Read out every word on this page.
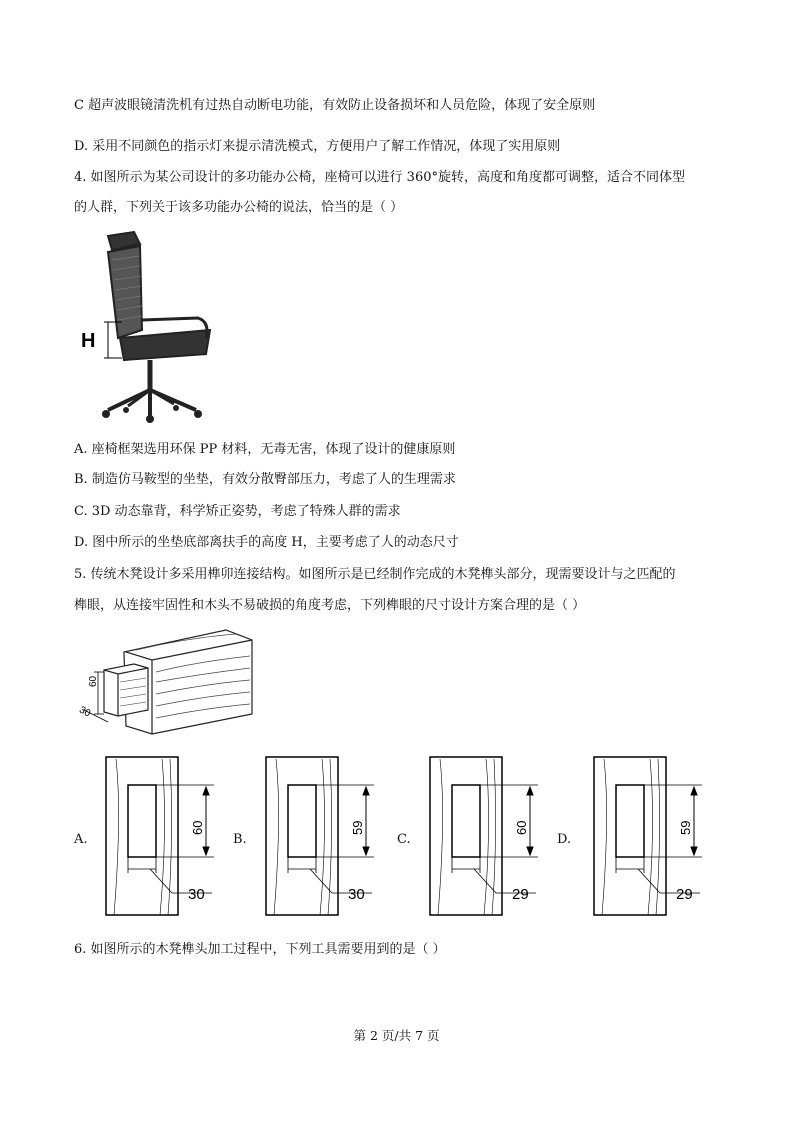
C 超声波眼镜清洗机有过热自动断电功能，有效防止设备损坏和人员危险，体现了安全原则
D. 采用不同颜色的指示灯来提示清洗模式，方便用户了解工作情况，体现了实用原则
4. 如图所示为某公司设计的多功能办公椅，座椅可以进行 360°旋转，高度和角度都可调整，适合不同体型
的人群，下列关于该多功能办公椅的说法，恰当的是（ ）
H
A. 座椅框架选用环保 PP 材料，无毒无害，体现了设计的健康原则
B. 制造仿马鞍型的坐垫，有效分散臀部压力，考虑了人的生理需求
C. 3D 动态靠背，科学矫正姿势，考虑了特殊人群的需求
D. 图中所示的坐垫底部离扶手的高度 H，主要考虑了人的动态尺寸
5. 传统木凳设计多采用榫卯连接结构。如图所示是已经制作完成的木凳榫头部分，现需要设计与之匹配的
榫眼，从连接牢固性和木头不易破损的角度考虑，下列榫眼的尺寸设计方案合理的是（ ）
60
30
A.
60
30
B.
59
30
C.
60
29
D.
59
29
6. 如图所示的木凳榫头加工过程中，下列工具需要用到的是（ ）
第 2 页/共 7 页
